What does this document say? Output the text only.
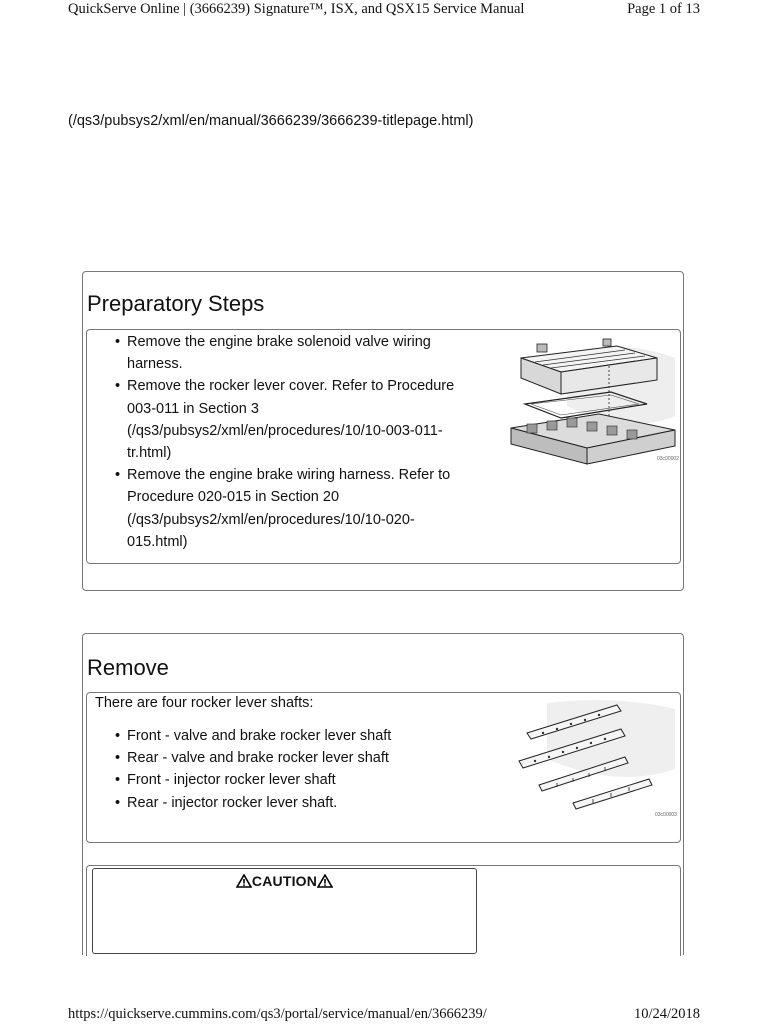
QuickServe Online | (3666239) Signature™, ISX, and QSX15 Service Manual	Page 1 of 13
(/qs3/pubsys2/xml/en/manual/3666239/3666239-titlepage.html)
Preparatory Steps
• Remove the engine brake solenoid valve wiring
harness.
• Remove the rocker lever cover. Refer to Procedure
003-011 in Section 3
(/qs3/pubsys2/xml/en/procedures/10/10-003-011-
tr.html)
• Remove the engine brake wiring harness. Refer to
Procedure 020-015 in Section 20
(/qs3/pubsys2/xml/en/procedures/10/10-020-
015.html)
03c00002
Remove
There are four rocker lever shafts:
• Front - valve and brake rocker lever shaft
• Rear - valve and brake rocker lever shaft
• Front - injector rocker lever shaft
• Rear - injector rocker lever shaft.
03c00003
CAUTION
https://quickserve.cummins.com/qs3/portal/service/manual/en/3666239/	10/24/2018
